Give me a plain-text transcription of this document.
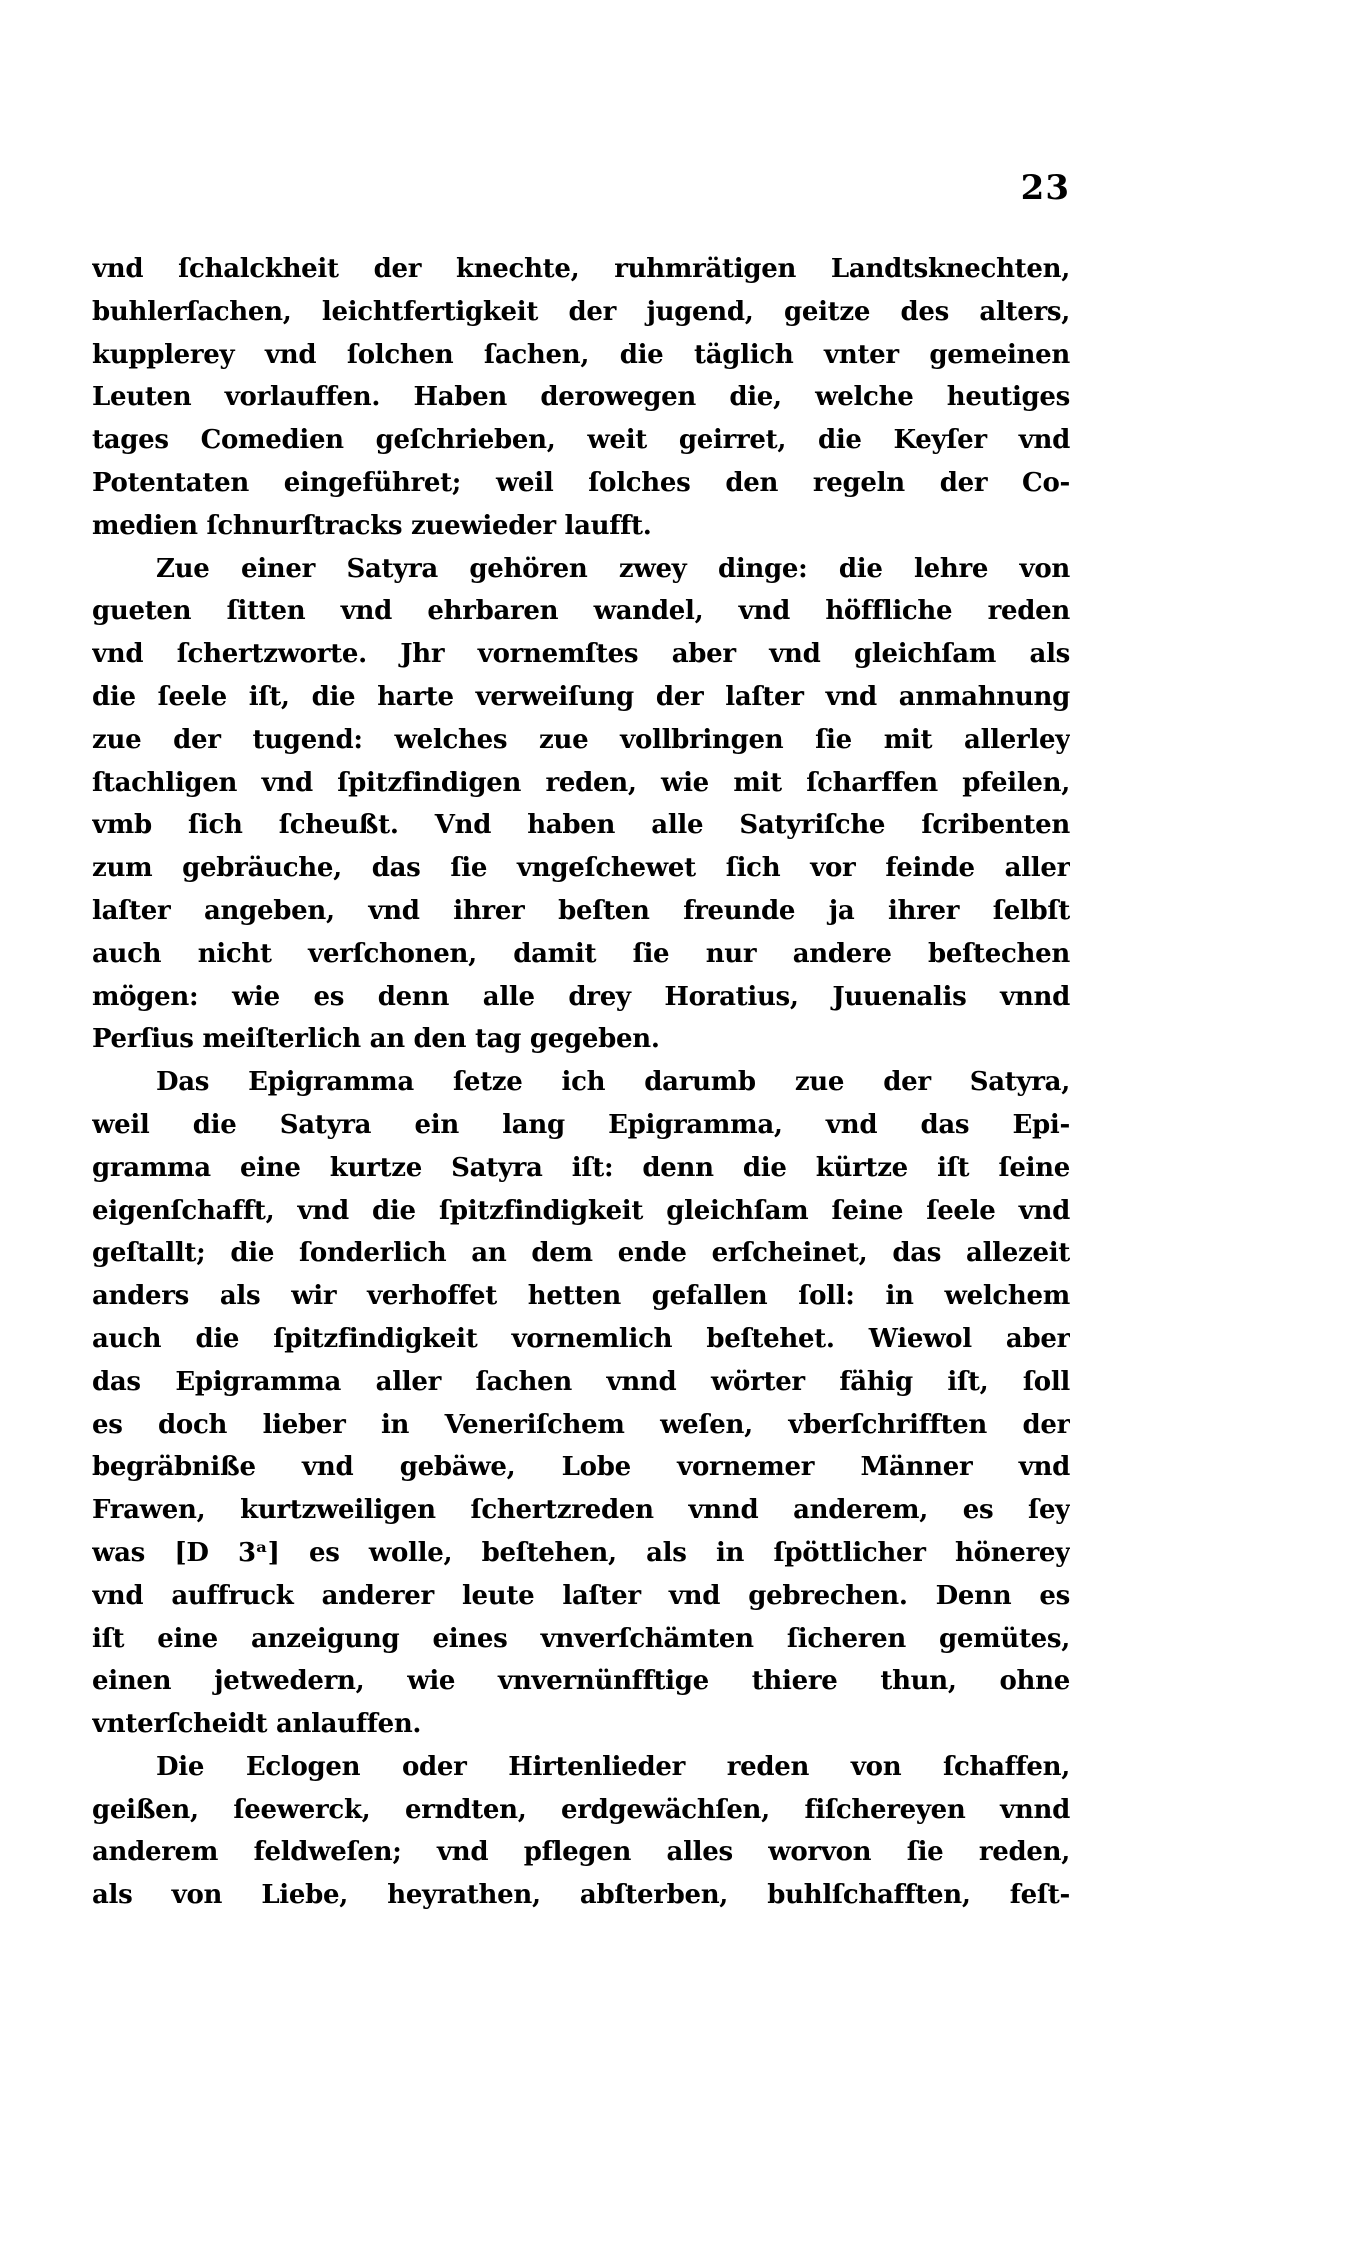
23
vnd ſchalckheit der knechte, ruhmrätigen Landtsknechten,
buhlerſachen, leichtfertigkeit der jugend, geitze des alters,
kupplerey vnd ſolchen ſachen, die täglich vnter gemeinen
Leuten vorlauffen. Haben derowegen die, welche heutiges
tages Comedien geſchrieben, weit geirret, die Keyſer vnd
Potentaten eingeführet; weil ſolches den regeln der Co-
medien ſchnurſtracks zuewieder laufft.
Zue einer Satyra gehören zwey dinge: die lehre von
gueten ſitten vnd ehrbaren wandel, vnd höffliche reden
vnd ſchertzworte. Jhr vornemſtes aber vnd gleichſam als
die ſeele iſt, die harte verweiſung der laſter vnd anmahnung
zue der tugend: welches zue vollbringen ſie mit allerley
ſtachligen vnd ſpitzfindigen reden, wie mit ſcharffen pfeilen,
vmb ſich ſcheußt. Vnd haben alle Satyriſche ſcribenten
zum gebräuche, das ſie vngeſchewet ſich vor feinde aller
laſter angeben, vnd ihrer beſten freunde ja ihrer ſelbſt
auch nicht verſchonen, damit ſie nur andere beſtechen
mögen: wie es denn alle drey Horatius, Juuenalis vnnd
Perſius meiſterlich an den tag gegeben.
Das Epigramma ſetze ich darumb zue der Satyra,
weil die Satyra ein lang Epigramma, vnd das Epi-
gramma eine kurtze Satyra iſt: denn die kürtze iſt ſeine
eigenſchafft, vnd die ſpitzfindigkeit gleichſam ſeine ſeele vnd
geſtallt; die ſonderlich an dem ende erſcheinet, das allezeit
anders als wir verhoffet hetten gefallen ſoll: in welchem
auch die ſpitzfindigkeit vornemlich beſtehet. Wiewol aber
das Epigramma aller ſachen vnnd wörter fähig iſt, ſoll
es doch lieber in Veneriſchem weſen, vberſchrifften der
begräbniße vnd gebäwe, Lobe vornemer Männer vnd
Frawen, kurtzweiligen ſchertzreden vnnd anderem, es ſey
was [D 3ᵃ] es wolle, beſtehen, als in ſpöttlicher hönerey
vnd auffruck anderer leute laſter vnd gebrechen. Denn es
iſt eine anzeigung eines vnverſchämten ſicheren gemütes,
einen jetwedern, wie vnvernünfftige thiere thun, ohne
vnterſcheidt anlauffen.
Die Eclogen oder Hirtenlieder reden von ſchaffen,
geißen, ſeewerck, erndten, erdgewächſen, fiſchereyen vnnd
anderem feldweſen; vnd pflegen alles worvon ſie reden,
als von Liebe, heyrathen, abſterben, buhlſchafften, feſt-
